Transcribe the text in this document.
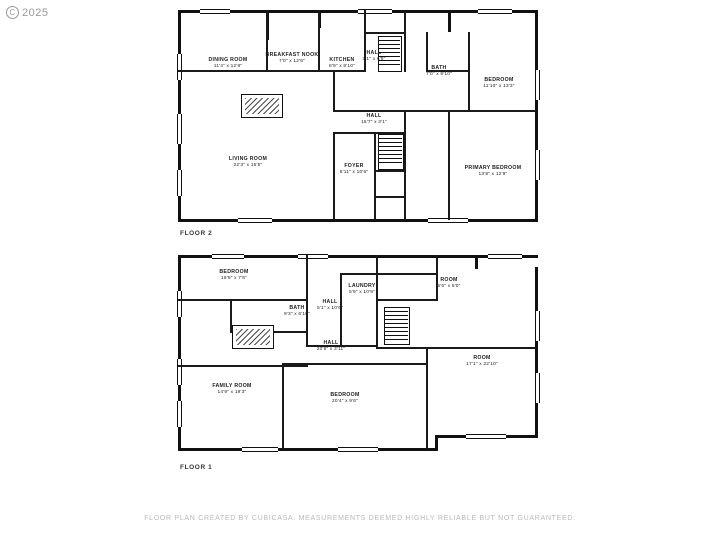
C 2025
DINING ROOM
11'4" x 12'8"
BREAKFAST NOOK
7'0" x 12'6"	KITCHEN
8'9" x 9'10"
HALL
3'1" x 6'9"
BATH
7'0" x 9'10"
BEDROOM
11'10" x 13'3"
HALL
15'7" x 3'1"
LIVING ROOM
22'3" x 15'5"	FOYER
6'11" x 10'5"
PRIMARY BEDROOM
13'8" x 12'9"
FLOOR 2
BEDROOM
18'9" x 7'8"
LAUNDRY
5'9" x 10'9"
ROOM
5'6" x 5'0"
BATH
9'3" x 6'10"
HALL
5'1" x 10'6"
HALL
20'9" x 3'11"
ROOM
17'1" x 22'10"
FAMILY ROOM
14'9" x 19'3"	BEDROOM
20'4" x 9'6"
FLOOR 1
FLOOR PLAN CREATED BY CUBICASA. MEASUREMENTS DEEMED HIGHLY RELIABLE BUT NOT GUARANTEED.
